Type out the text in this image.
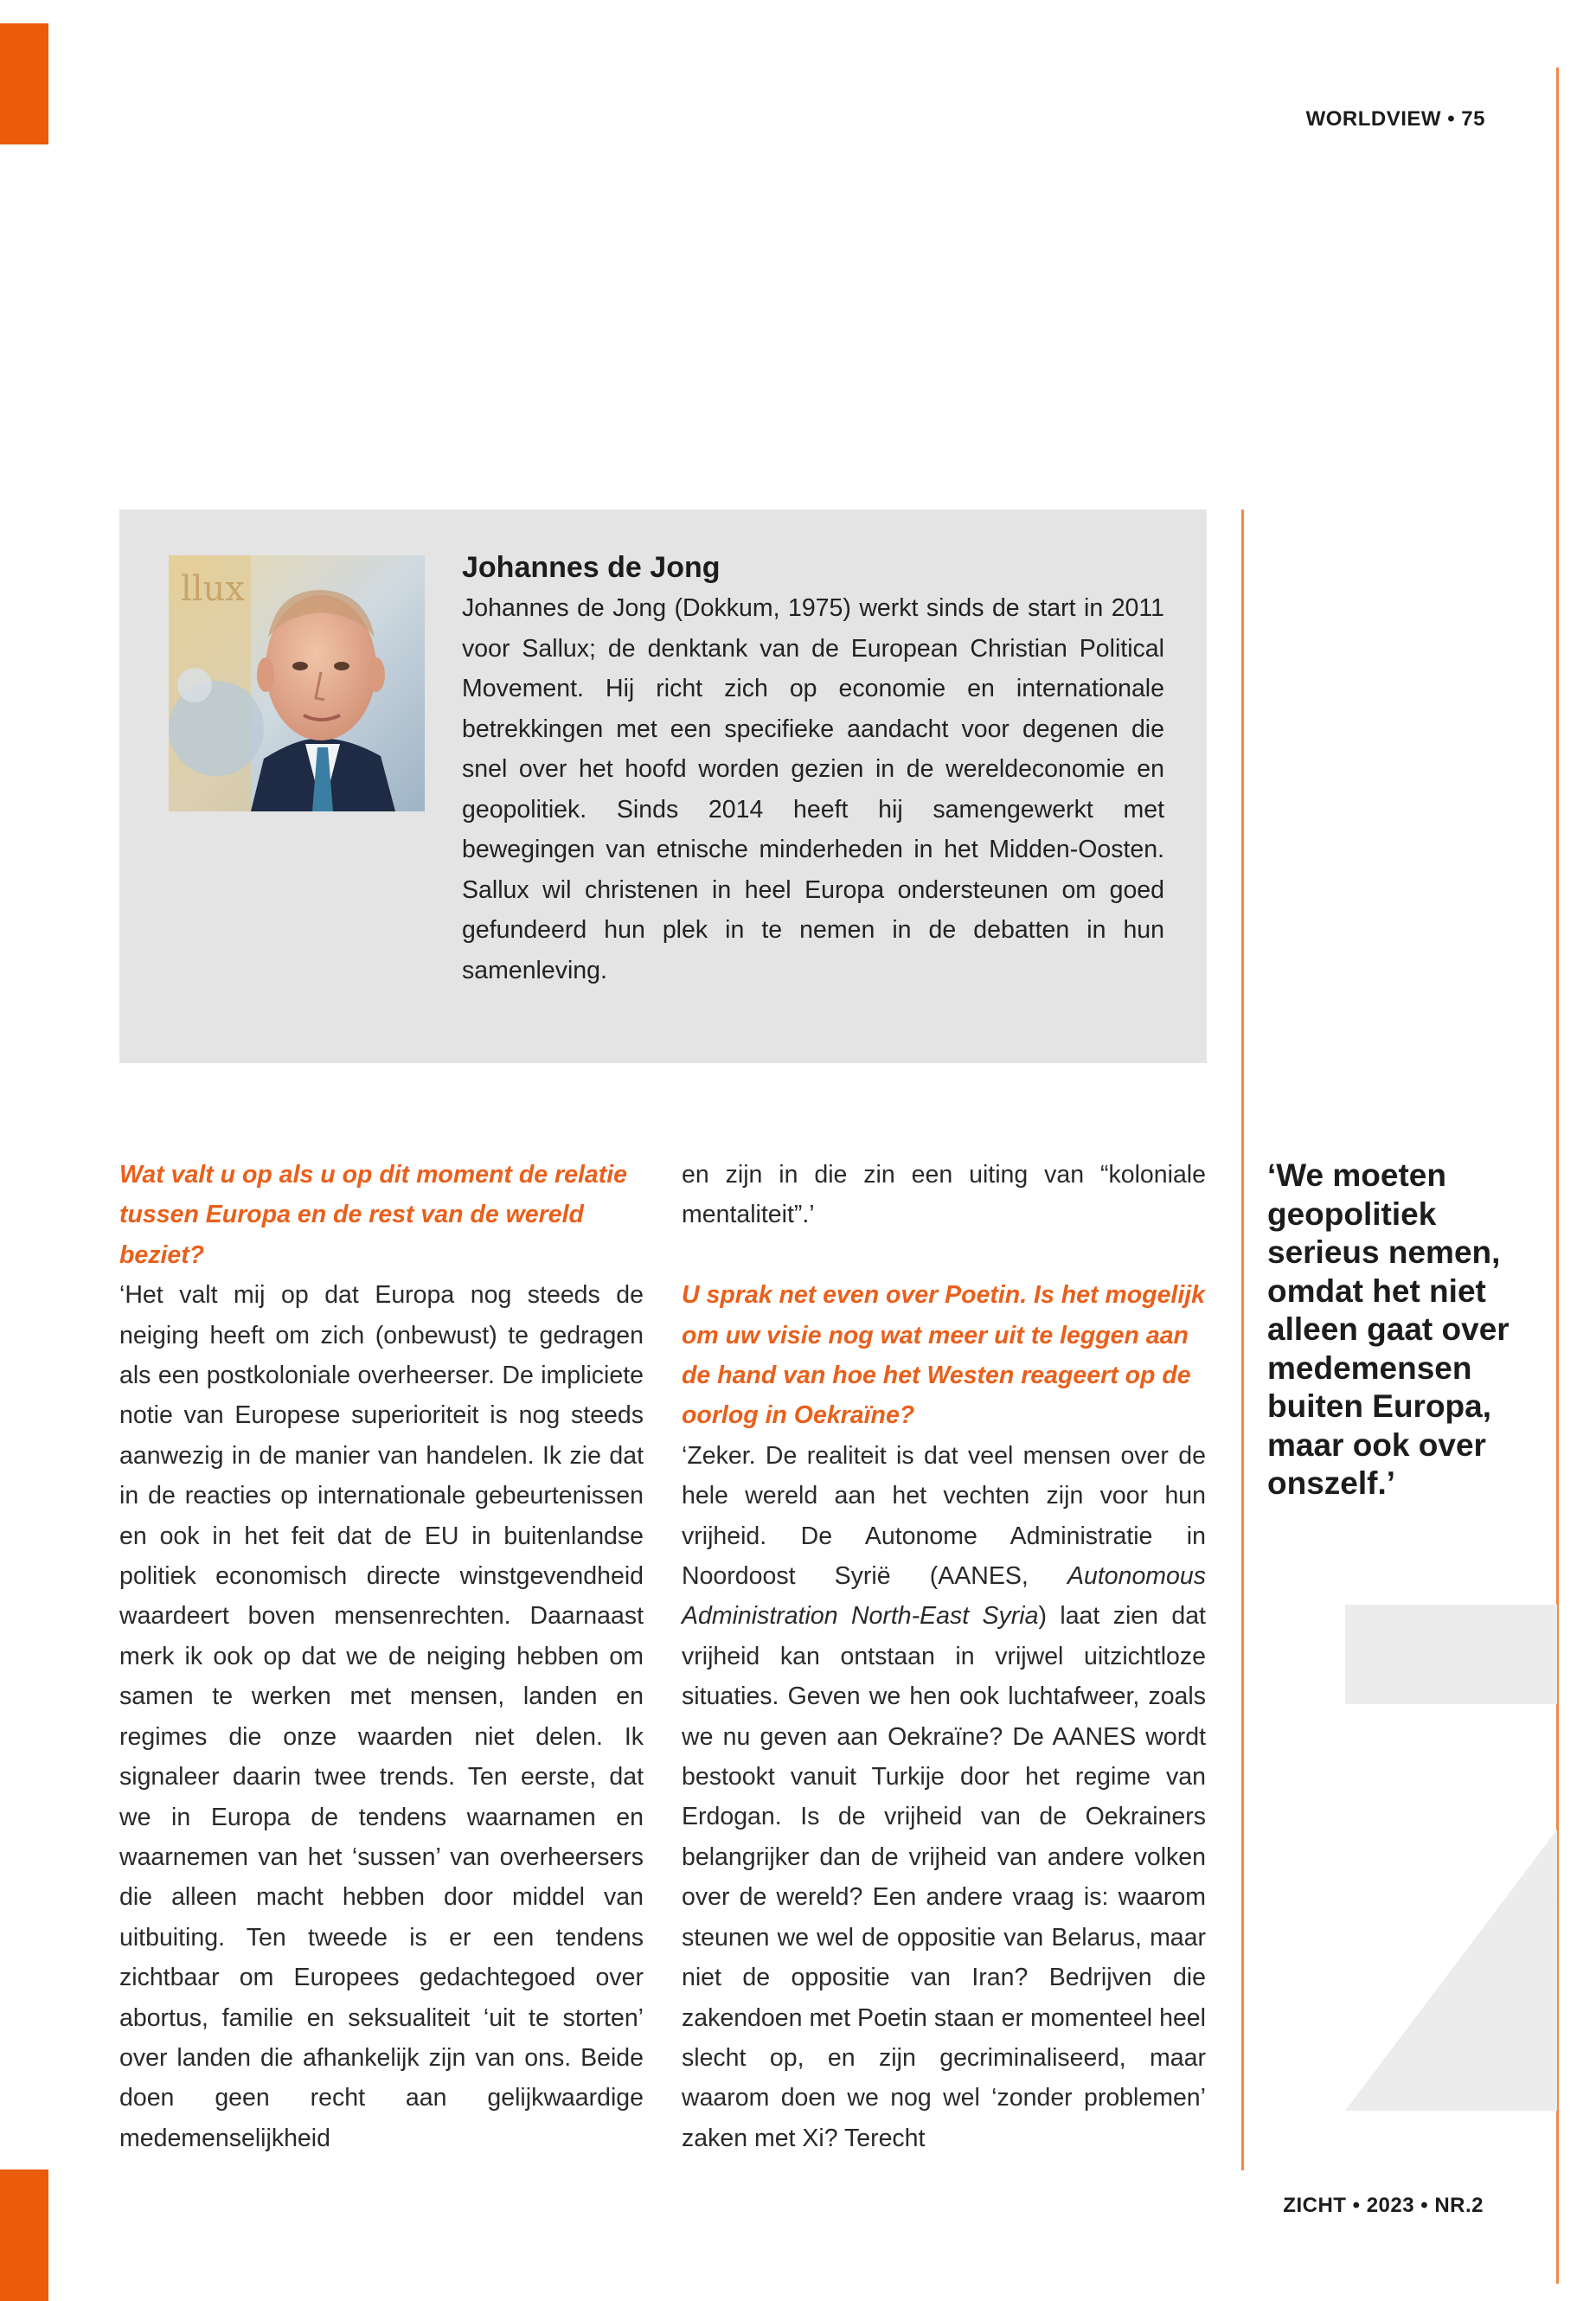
WORLDVIEW • 75
llux

Johannes de Jong

Johannes de Jong (Dokkum, 1975) werkt sinds de start in 2011 voor Sallux; de denktank van de European Christian Political Movement. Hij richt zich op economie en internationale betrekkingen met een specifieke aandacht voor degenen die snel over het hoofd worden gezien in de wereldeconomie en geopolitiek. Sinds 2014 heeft hij samengewerkt met bewegingen van etnische minderheden in het Midden-Oosten. Sallux wil christenen in heel Europa ondersteunen om goed gefundeerd hun plek in te nemen in de debatten in hun samenleving.

Wat valt u op als u op dit moment de relatie tussen Europa en de rest van de wereld beziet?

‘Het valt mij op dat Europa nog steeds de neiging heeft om zich (onbewust) te gedragen als een postkoloniale overheerser. De impliciete notie van Europese superioriteit is nog steeds aanwezig in de manier van handelen. Ik zie dat in de reacties op internationale gebeurtenissen en ook in het feit dat de EU in buitenlandse politiek economisch directe winstgevendheid waardeert boven mensenrechten. Daarnaast merk ik ook op dat we de neiging hebben om samen te werken met mensen, landen en regimes die onze waarden niet delen. Ik signaleer daarin twee trends. Ten eerste, dat we in Europa de tendens waarnamen en waarnemen van het ‘sussen’ van overheersers die alleen macht hebben door middel van uitbuiting. Ten tweede is er een tendens zichtbaar om Europees gedachtegoed over abortus, familie en seksualiteit ‘uit te storten’ over landen die afhankelijk zijn van ons. Beide doen geen recht aan gelijkwaardige medemenselijkheid

en zijn in die zin een uiting van “koloniale mentaliteit”.’

U sprak net even over Poetin. Is het mogelijk om uw visie nog wat meer uit te leggen aan de hand van hoe het Westen reageert op de oorlog in Oekraïne?

‘Zeker. De realiteit is dat veel mensen over de hele wereld aan het vechten zijn voor hun vrijheid. De Autonome Administratie in Noordoost Syrië (AANES, Autonomous Administration North-East Syria) laat zien dat vrijheid kan ontstaan in vrijwel uitzichtloze situaties. Geven we hen ook luchtafweer, zoals we nu geven aan Oekraïne? De AANES wordt bestookt vanuit Turkije door het regime van Erdogan. Is de vrijheid van de Oekrainers belangrijker dan de vrijheid van andere volken over de wereld? Een andere vraag is: waarom steunen we wel de oppositie van Belarus, maar niet de oppositie van Iran? Bedrijven die zakendoen met Poetin staan er momenteel heel slecht op, en zijn gecriminaliseerd, maar waarom doen we nog wel ‘zonder problemen’ zaken met Xi? Terecht

‘We moeten geopolitiek serieus nemen, omdat het niet alleen gaat over medemensen buiten Europa, maar ook over onszelf.’

ZICHT • 2023 • NR.2
